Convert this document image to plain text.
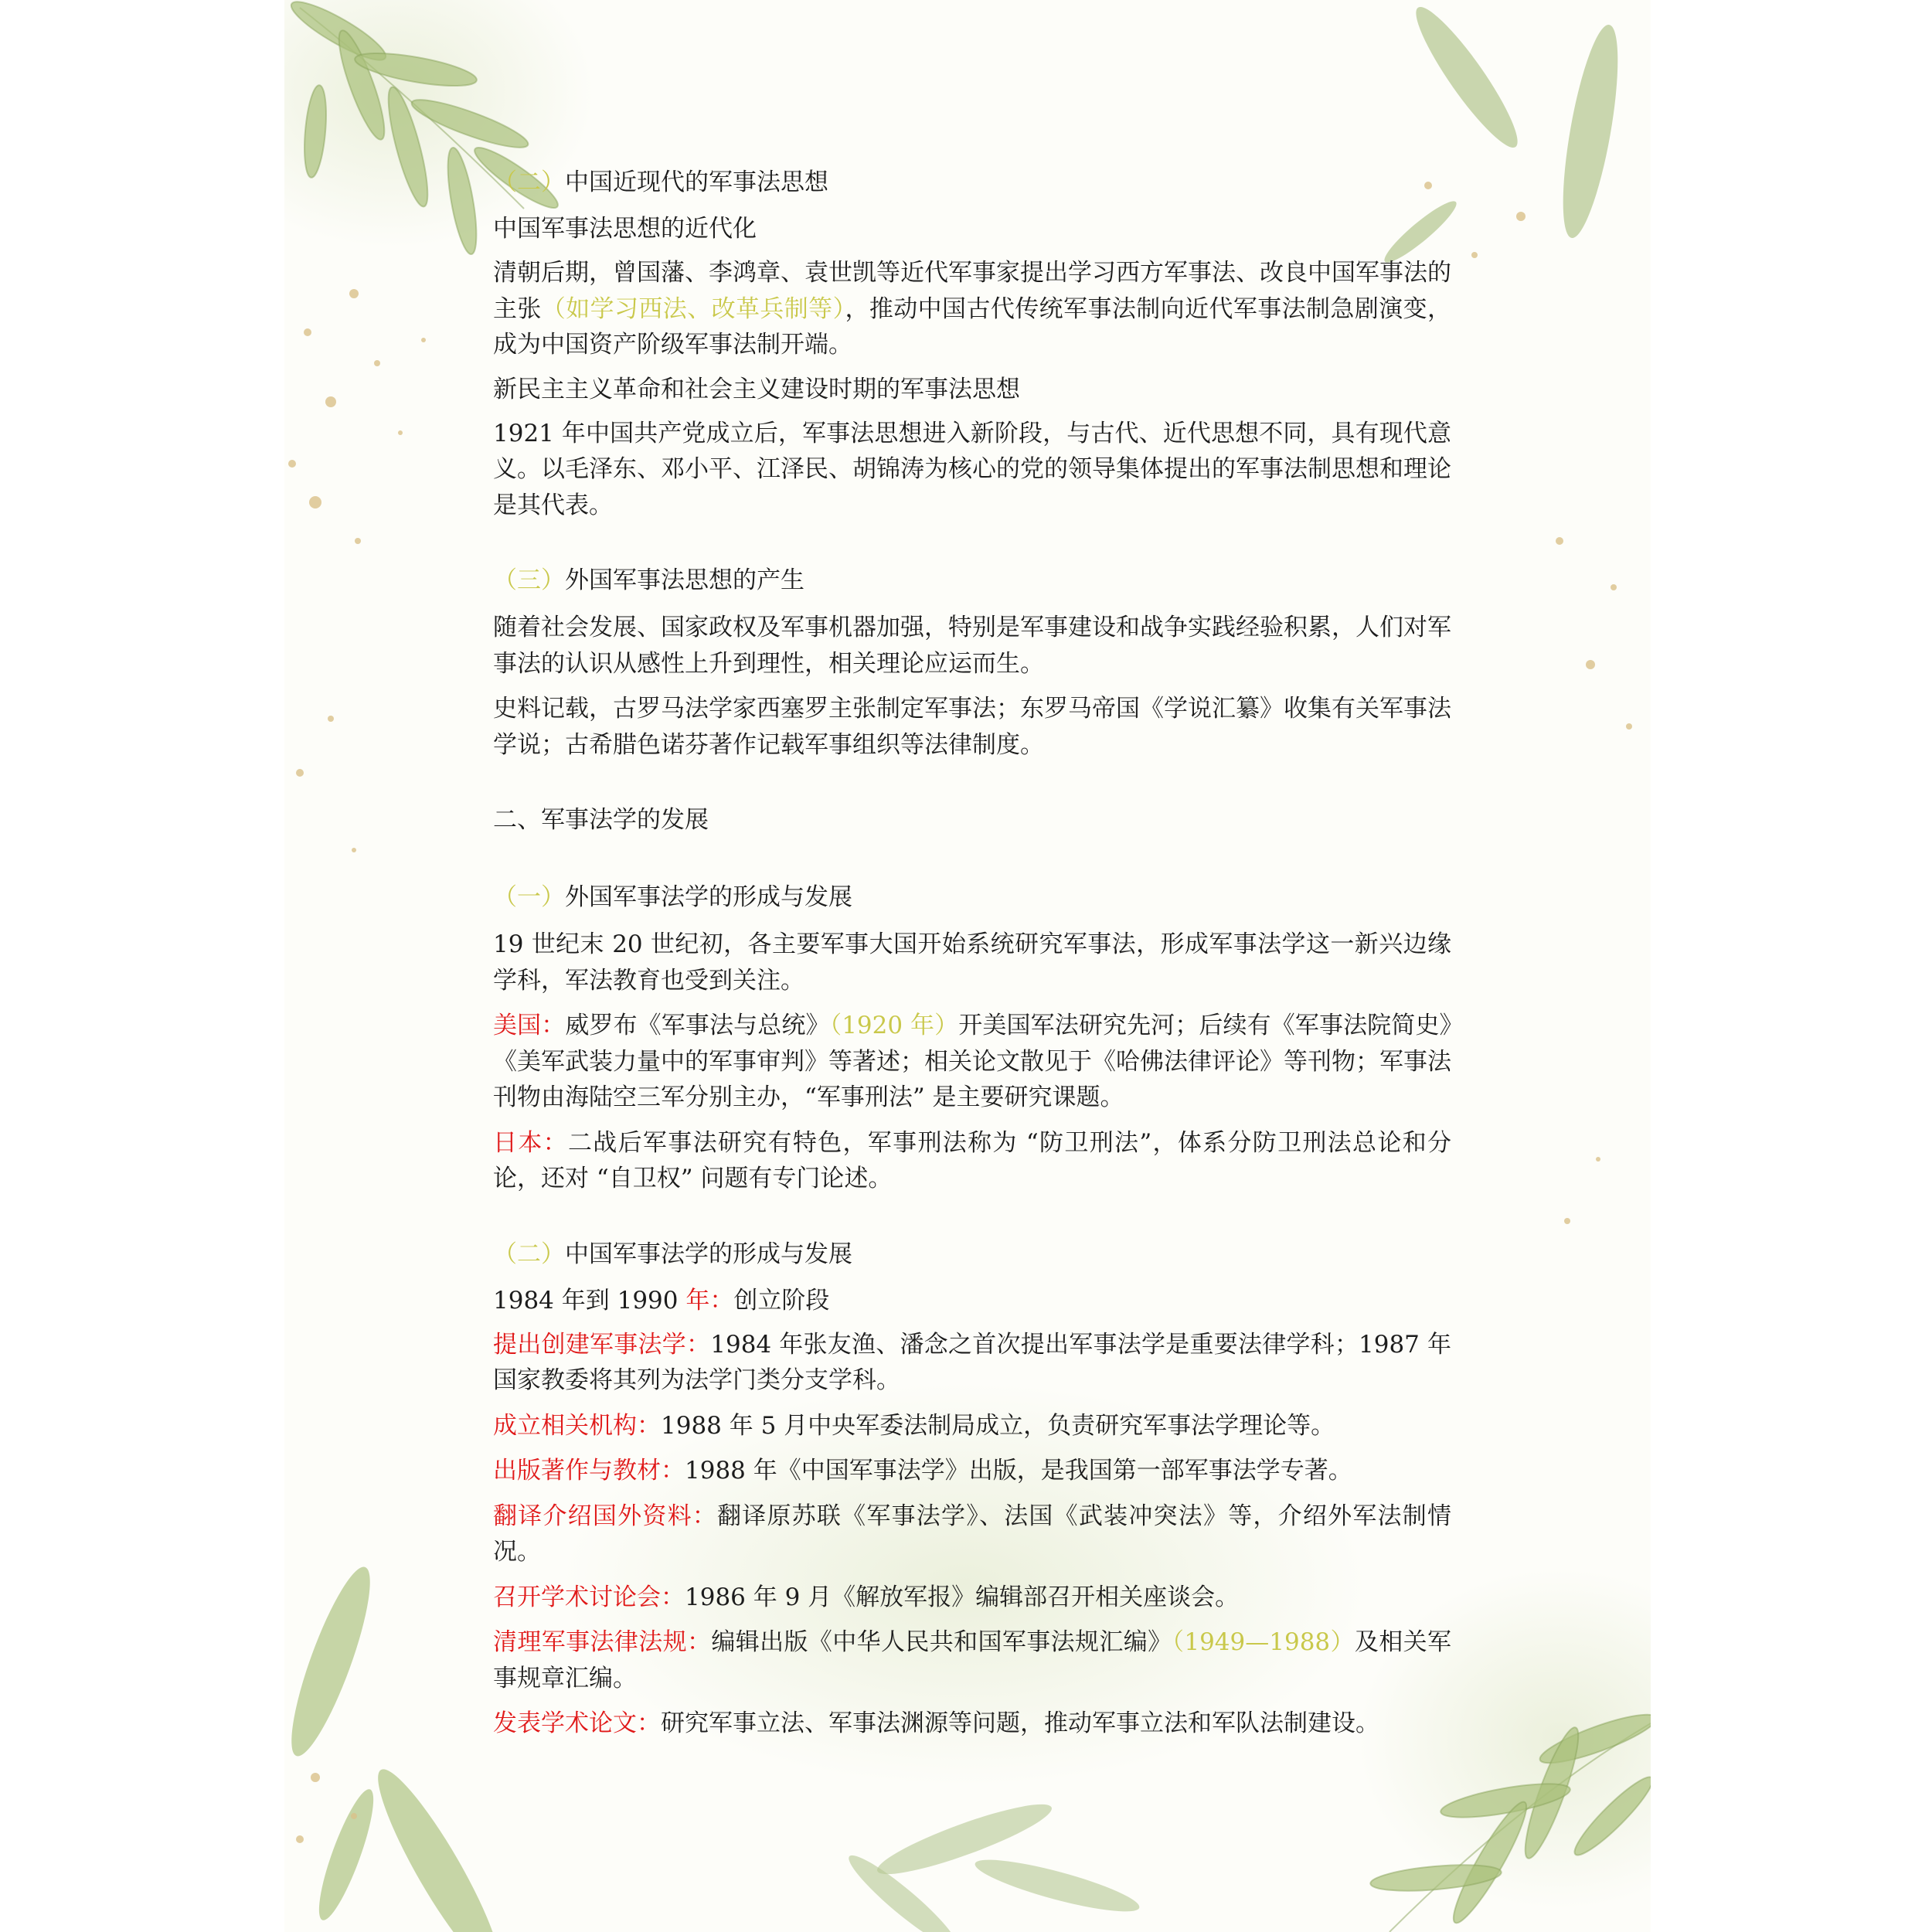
（二）中国近现代的军事法思想
中国军事法思想的近代化
清朝后期，曾国藩、李鸿章、袁世凯等近代军事家提出学习西方军事法、改良中国军事法的主张（如学习西法、改革兵制等），推动中国古代传统军事法制向近代军事法制急剧演变，成为中国资产阶级军事法制开端。
新民主主义革命和社会主义建设时期的军事法思想
1921 年中国共产党成立后，军事法思想进入新阶段，与古代、近代思想不同，具有现代意义。以毛泽东、邓小平、江泽民、胡锦涛为核心的党的领导集体提出的军事法制思想和理论是其代表。
（三）外国军事法思想的产生
随着社会发展、国家政权及军事机器加强，特别是军事建设和战争实践经验积累，人们对军事法的认识从感性上升到理性，相关理论应运而生。
史料记载，古罗马法学家西塞罗主张制定军事法；东罗马帝国《学说汇纂》收集有关军事法学说；古希腊色诺芬著作记载军事组织等法律制度。
二、军事法学的发展
（一）外国军事法学的形成与发展
19 世纪末 20 世纪初，各主要军事大国开始系统研究军事法，形成军事法学这一新兴边缘学科，军法教育也受到关注。
美国：威罗布《军事法与总统》（1920 年）开美国军法研究先河；后续有《军事法院简史》《美军武装力量中的军事审判》等著述；相关论文散见于《哈佛法律评论》等刊物；军事法刊物由海陆空三军分别主办，“军事刑法” 是主要研究课题。
日本：二战后军事法研究有特色，军事刑法称为 “防卫刑法”，体系分防卫刑法总论和分论，还对 “自卫权” 问题有专门论述。
（二）中国军事法学的形成与发展
1984 年到 1990 年：创立阶段
提出创建军事法学：1984 年张友渔、潘念之首次提出军事法学是重要法律学科；1987 年国家教委将其列为法学门类分支学科。
成立相关机构：1988 年 5 月中央军委法制局成立，负责研究军事法学理论等。
出版著作与教材：1988 年《中国军事法学》出版，是我国第一部军事法学专著。
翻译介绍国外资料：翻译原苏联《军事法学》、法国《武装冲突法》等，介绍外军法制情况。
召开学术讨论会：1986 年 9 月《解放军报》编辑部召开相关座谈会。
清理军事法律法规：编辑出版《中华人民共和国军事法规汇编》（1949—1988）及相关军事规章汇编。
发表学术论文：研究军事立法、军事法渊源等问题，推动军事立法和军队法制建设。
